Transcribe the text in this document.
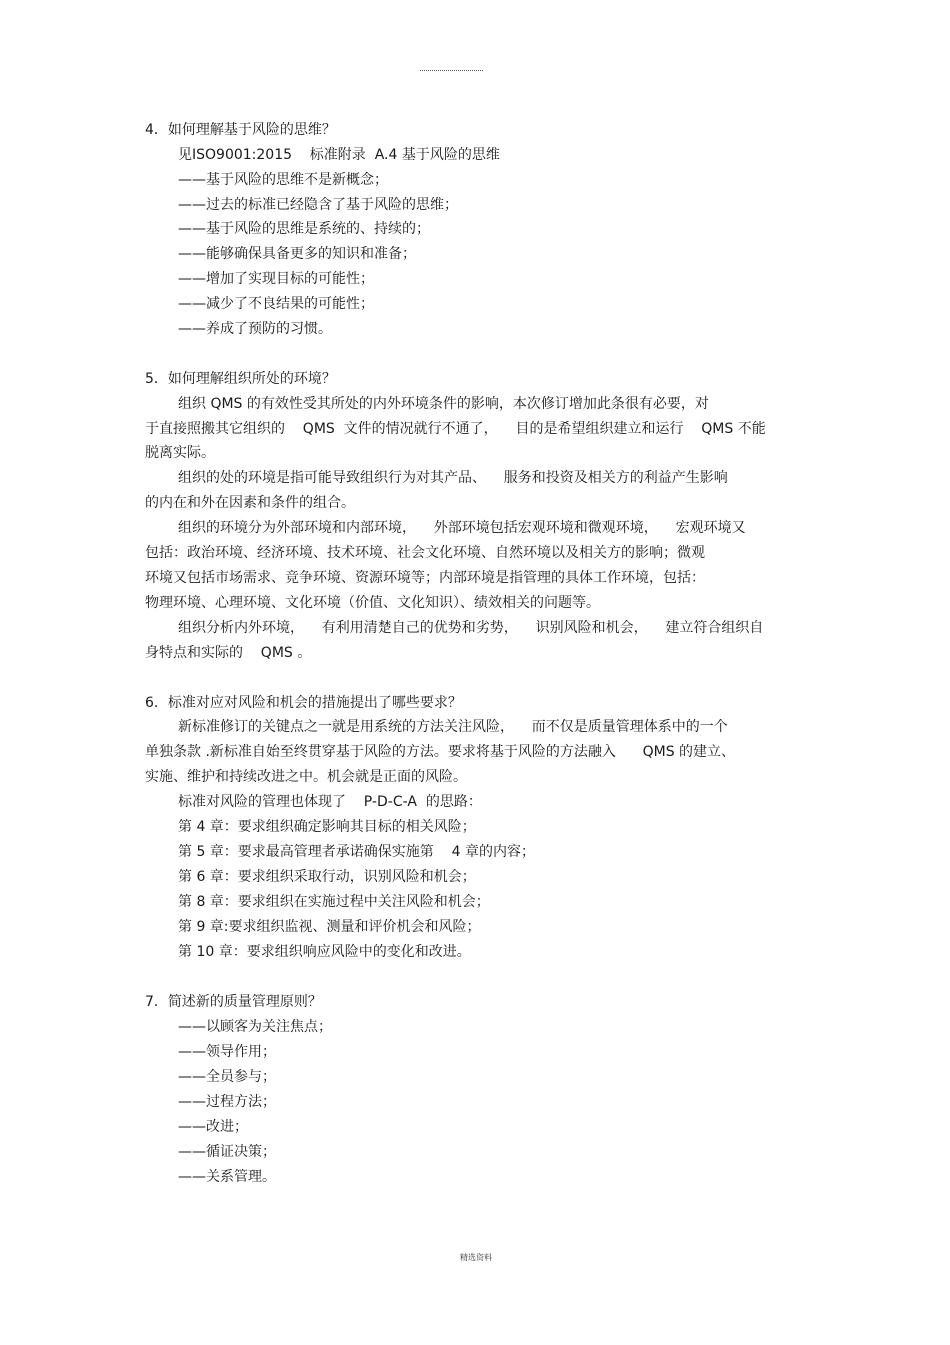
4．如何理解基于风险的思维？
见ISO9001:2015    标准附录  A.4 基于风险的思维
——基于风险的思维不是新概念；
——过去的标准已经隐含了基于风险的思维；
——基于风险的思维是系统的、持续的；
——能够确保具备更多的知识和准备；
——增加了实现目标的可能性；
——减少了不良结果的可能性；
——养成了预防的习惯。
5．如何理解组织所处的环境？
组织 QMS 的有效性受其所处的内外环境条件的影响，本次修订增加此条很有必要，对
于直接照搬其它组织的    QMS  文件的情况就行不通了，    目的是希望组织建立和运行    QMS 不能
脱离实际。
组织的处的环境是指可能导致组织行为对其产品、    服务和投资及相关方的利益产生影响
的内在和外在因素和条件的组合。
组织的环境分为外部环境和内部环境，    外部环境包括宏观环境和微观环境，    宏观环境又
包括：政治环境、经济环境、技术环境、社会文化环境、自然环境以及相关方的影响；微观
环境又包括市场需求、竞争环境、资源环境等；内部环境是指管理的具体工作环境，包括：
物理环境、心理环境、文化环境（价值、文化知识）、绩效相关的问题等。
组织分析内外环境，    有利用清楚自己的优势和劣势，    识别风险和机会，    建立符合组织自
身特点和实际的    QMS 。
6．标准对应对风险和机会的措施提出了哪些要求？
新标准修订的关键点之一就是用系统的方法关注风险，    而不仅是质量管理体系中的一个
单独条款 .新标准自始至终贯穿基于风险的方法。要求将基于风险的方法融入      QMS 的建立、
实施、维护和持续改进之中。机会就是正面的风险。
标准对风险的管理也体现了    P-D-C-A  的思路：
第 4 章：要求组织确定影响其目标的相关风险；
第 5 章：要求最高管理者承诺确保实施第    4 章的内容；
第 6 章：要求组织采取行动，识别风险和机会；
第 8 章：要求组织在实施过程中关注风险和机会；
第 9 章:要求组织监视、测量和评价机会和风险；
第 10 章：要求组织响应风险中的变化和改进。
7．简述新的质量管理原则？
——以顾客为关注焦点；
——领导作用；
——全员参与；
——过程方法；
——改进；
——循证决策；
——关系管理。
精选资料
